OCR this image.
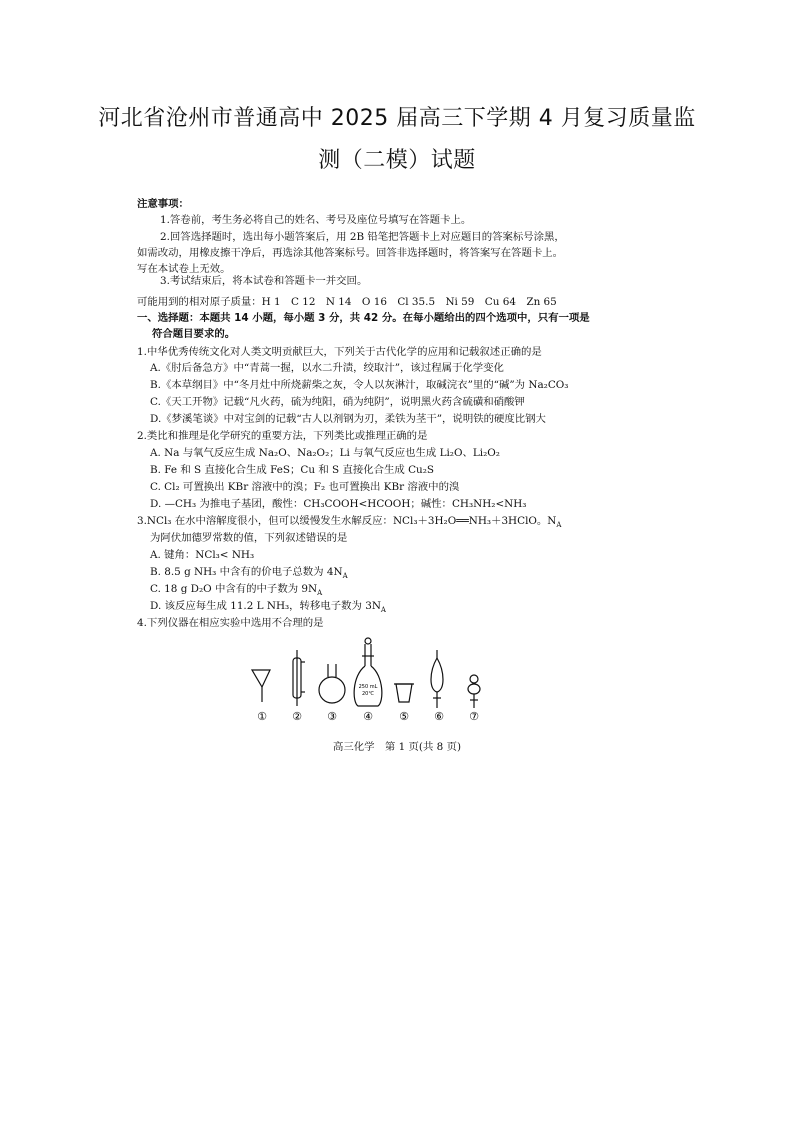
河北省沧州市普通高中 2025 届高三下学期 4 月复习质量监
测（二模）试题
注意事项：
1.答卷前，考生务必将自己的姓名、考号及座位号填写在答题卡上。
2.回答选择题时，选出每小题答案后，用 2B 铅笔把答题卡上对应题目的答案标号涂黑，
如需改动，用橡皮擦干净后，再选涂其他答案标号。回答非选择题时，将答案写在答题卡上。
写在本试卷上无效。
3.考试结束后，将本试卷和答题卡一并交回。
可能用到的相对原子质量：H 1　C 12　N 14　O 16　Cl 35.5　Ni 59　Cu 64　Zn 65
一、选择题：本题共 14 小题，每小题 3 分，共 42 分。在每小题给出的四个选项中，只有一项是
符合题目要求的。
1.中华优秀传统文化对人类文明贡献巨大，下列关于古代化学的应用和记载叙述正确的是
A.《肘后备急方》中“青蒿一握，以水二升渍，绞取汁”，该过程属于化学变化
B.《本草纲目》中“冬月灶中所烧薪柴之灰，令人以灰淋汁，取碱浣衣”里的“碱”为 Na₂CO₃
C.《天工开物》记载“凡火药，硫为纯阳，硝为纯阴”，说明黑火药含硫磺和硝酸钾
D.《梦溪笔谈》中对宝剑的记载“古人以剂钢为刃，柔铁为茎干”，说明铁的硬度比钢大
2.类比和推理是化学研究的重要方法，下列类比或推理正确的是
A. Na 与氧气反应生成 Na₂O、Na₂O₂；Li 与氧气反应也生成 Li₂O、Li₂O₂
B. Fe 和 S 直接化合生成 FeS；Cu 和 S 直接化合生成 Cu₂S
C. Cl₂ 可置换出 KBr 溶液中的溴；F₂ 也可置换出 KBr 溶液中的溴
D. —CH₃ 为推电子基团，酸性：CH₃COOH<HCOOH；碱性：CH₃NH₂<NH₃
3.NCl₃ 在水中溶解度很小，但可以缓慢发生水解反应：NCl₃＋3H₂O══NH₃＋3HClO。$N_A$
为阿伏加德罗常数的值，下列叙述错误的是
A. 键角：NCl₃< NH₃
B. 8.5 g NH₃ 中含有的价电子总数为 $4N_A$
C. 18 g D₂O 中含有的中子数为 $9N_A$
D. 该反应每生成 11.2 L NH₃，转移电子数为 $3N_A$
4.下列仪器在相应实验中选用不合理的是
250 mL
20℃
① ② ③ ④ ⑤ ⑥ ⑦
高三化学　第 1 页(共 8 页)
